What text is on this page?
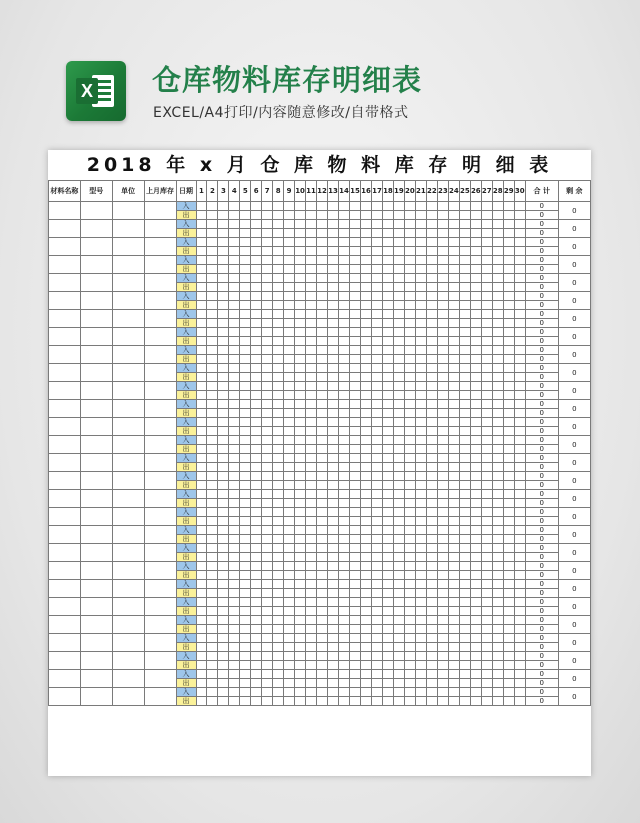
X 仓库物料库存明细表
EXCEL/A4打印/内容随意修改/自带格式
2018 年 x 月 仓 库 物 料 库 存 明 细 表
材料名称	型号	单位	上月库存	日期	1	2	3	4	5	6	7	8	9	10	11	12	13	14	15	16	17	18	19	20	21	22	23	24	25	26	27	28	29	30	合 计	剩 余
				入																															0	0
				出																															0	
				入																															0	0
				出																															0	
				入																															0	0
				出																															0	
				入																															0	0
				出																															0	
				入																															0	0
				出																															0	
				入																															0	0
				出																															0	
				入																															0	0
				出																															0	
				入																															0	0
				出																															0	
				入																															0	0
				出																															0	
				入																															0	0
				出																															0	
				入																															0	0
				出																															0	
				入																															0	0
				出																															0	
				入																															0	0
				出																															0	
				入																															0	0
				出																															0	
				入																															0	0
				出																															0	
				入																															0	0
				出																															0	
				入																															0	0
				出																															0	
				入																															0	0
				出																															0	
				入																															0	0
				出																															0	
				入																															0	0
				出																															0	
				入																															0	0
				出																															0	
				入																															0	0
				出																															0	
				入																															0	0
				出																															0	
				入																															0	0
				出																															0	
				入																															0	0
				出																															0	
				入																															0	0
				出																															0	
				入																															0	0
				出																															0	
				入																															0	0
				出																															0	
